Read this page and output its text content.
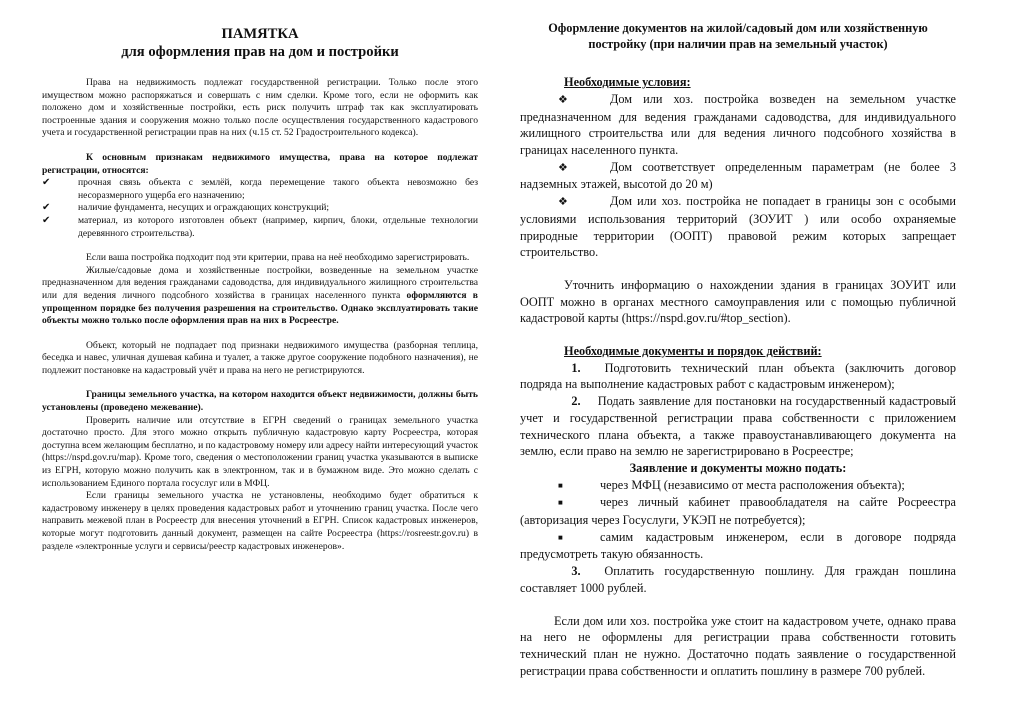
ПАМЯТКА

для оформления прав на дом и постройки

Права на недвижимость подлежат государственной регистрации. Только после этого имуществом можно распоряжаться и совершать с ним сделки. Кроме того, если не оформить как положено дом и хозяйственные постройки, есть риск получить штраф так как эксплуатировать построенные здания и сооружения можно только после осуществления государственного кадастрового учета и государственной регистрации прав на них (ч.15 ст. 52 Градостроительного кодекса).

К основным признакам недвижимого имущества, права на которое подлежат регистрации, относятся:

✔	прочная связь объекта с землёй, когда перемещение такого объекта невозможно без несоразмерного ущерба его назначению;
✔	наличие фундамента, несущих и ограждающих конструкций;
✔	материал, из которого изготовлен объект (например, кирпич, блоки, отдельные технологии деревянного строительства).

Если ваша постройка подходит под эти критерии, права на неё необходимо зарегистрировать.

Жилые/садовые дома и хозяйственные постройки, возведенные на земельном участке предназначенном для ведения гражданами садоводства, для индивидуального жилищного строительства или для ведения личного подсобного хозяйства в границах населенного пункта оформляются в упрощенном порядке без получения разрешения на строительство. Однако эксплуатировать такие объекты можно только после оформления прав на них в Росреестре.

Объект, который не подпадает под признаки недвижимого имущества (разборная теплица, беседка и навес, уличная душевая кабина и туалет, а также другое сооружение подобного назначения), не подлежит постановке на кадастровый учёт и права на него не регистрируются.

Границы земельного участка, на котором находится объект недвижимости, должны быть установлены (проведено межевание).

Проверить наличие или отсутствие в ЕГРН сведений о границах земельного участка достаточно просто. Для этого можно открыть публичную кадастровую карту Росреестра, которая доступна всем желающим бесплатно, и по кадастровому номеру или адресу найти интересующий участок (https://nspd.gov.ru/map). Кроме того, сведения о местоположении границ участка указываются в выписке из ЕГРН, которую можно получить как в электронном, так и в бумажном виде. Это можно сделать с использованием Единого портала госуслуг или в МФЦ.

Если границы земельного участка не установлены, необходимо будет обратиться к кадастровому инженеру в целях проведения кадастровых работ и уточнению границ участка. После чего направить межевой план в Росреестр для внесения уточнений в ЕГРН. Список кадастровых инженеров, которые могут подготовить данный документ, размещен на сайте Росреестра (https://rosreestr.gov.ru) в разделе «электронные услуги и сервисы/реестр кадастровых инженеров».

Оформление документов на жилой/садовый дом или хозяйственную постройку (при наличии прав на земельный участок)

Необходимые условия:

❖	Дом или хоз. постройка возведен на земельном участке предназначенном для ведения гражданами садоводства, для индивидуального жилищного строительства или для ведения личного подсобного хозяйства в границах населенного пункта.

❖	Дом соответствует определенным параметрам (не более 3 надземных этажей, высотой до 20 м)

❖	Дом или хоз. постройка не попадает в границы зон с особыми условиями использования территорий (ЗОУИТ ) или особо охраняемые природные территории (ООПТ) правовой режим которых запрещает строительство.

Уточнить информацию о нахождении здания в границах ЗОУИТ или ООПТ можно в органах местного самоуправления или с помощью публичной кадастровой карты (https://nspd.gov.ru/#top_section).

Необходимые документы и порядок действий:

1. Подготовить технический план объекта (заключить договор подряда на выполнение кадастровых работ с кадастровым инженером);

2. Подать заявление для постановки на государственный кадастровый учет и государственной регистрации права собственности с приложением технического плана объекта, а также правоустанавливающего документа на землю, если право на землю не зарегистрировано в Росреестре;

Заявление и документы можно подать:

■	через МФЦ (независимо от места расположения объекта);

■	через личный кабинет правообладателя на сайте Росреестра (авторизация через Госуслуги, УКЭП не потребуется);

■	самим кадастровым инженером, если в договоре подряда предусмотреть такую обязанность.

3. Оплатить государственную пошлину. Для граждан пошлина составляет 1000 рублей.

Если дом или хоз. постройка уже стоит на кадастровом учете, однако права на него не оформлены для регистрации права собственности готовить технический план не нужно. Достаточно подать заявление о государственной регистрации права собственности и оплатить пошлину в размере 700 рублей.
